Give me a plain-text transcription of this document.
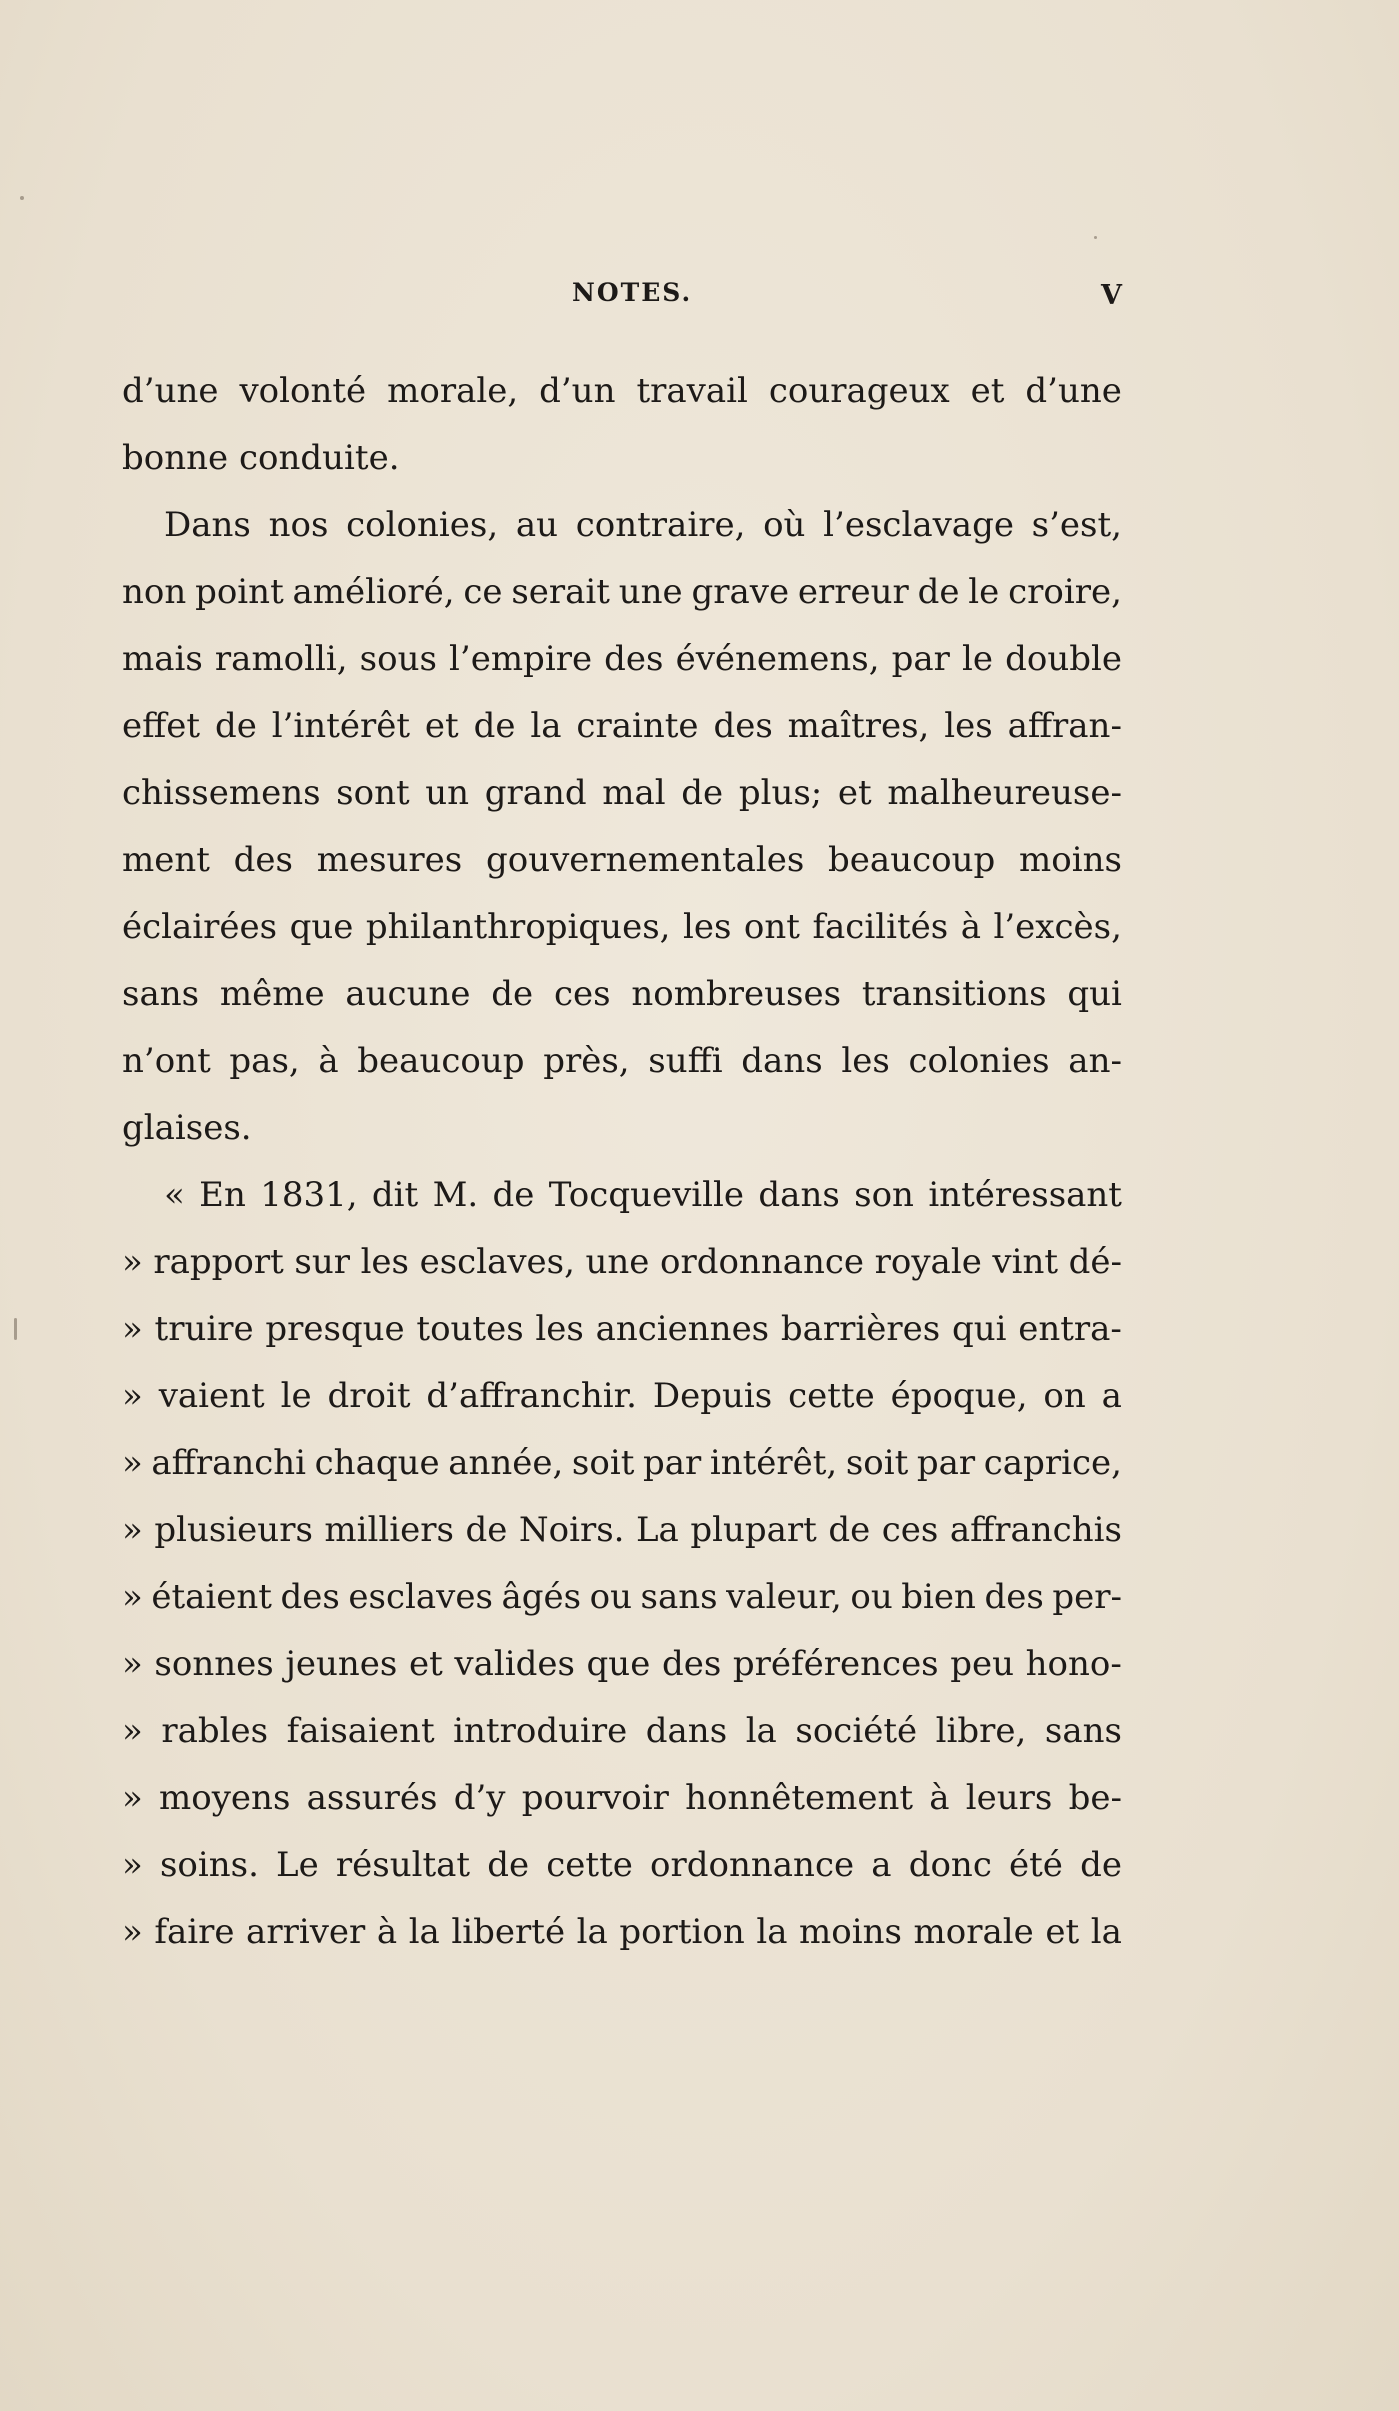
NOTES.	V
d’une volonté morale, d’un travail courageux et d’une
bonne
conduite.
Dans nos colonies, au contraire, où l’esclavage s’est,
non point amélioré, ce serait une grave erreur de le croire,
mais ramolli, sous l’empire des événemens, par le double
effet de l’intérêt et de la crainte des maîtres, les affran-
chissemens sont un grand mal de plus; et malheureuse-
ment des mesures gouvernementales beaucoup moins
éclairées que philanthropiques, les ont facilités à l’excès,
sans même aucune de ces nombreuses transitions qui
n’ont pas, à beaucoup près, suffi dans les colonies an-
glaises.
« En 1831, dit M. de Tocqueville dans son intéressant
» rapport sur les esclaves, une ordonnance royale vint dé-
» truire presque toutes les anciennes barrières qui entra-
» vaient le droit d’affranchir. Depuis cette époque, on a
» affranchi chaque année, soit par intérêt, soit par caprice,
» plusieurs milliers de Noirs. La plupart de ces affranchis
» étaient des esclaves âgés ou sans valeur, ou bien des per-
» sonnes jeunes et valides que des préférences peu hono-
» rables faisaient introduire dans la société libre, sans
» moyens assurés d’y pourvoir honnêtement à leurs be-
» soins. Le résultat de cette ordonnance a donc été de
» faire arriver à la liberté la portion la moins morale et la
